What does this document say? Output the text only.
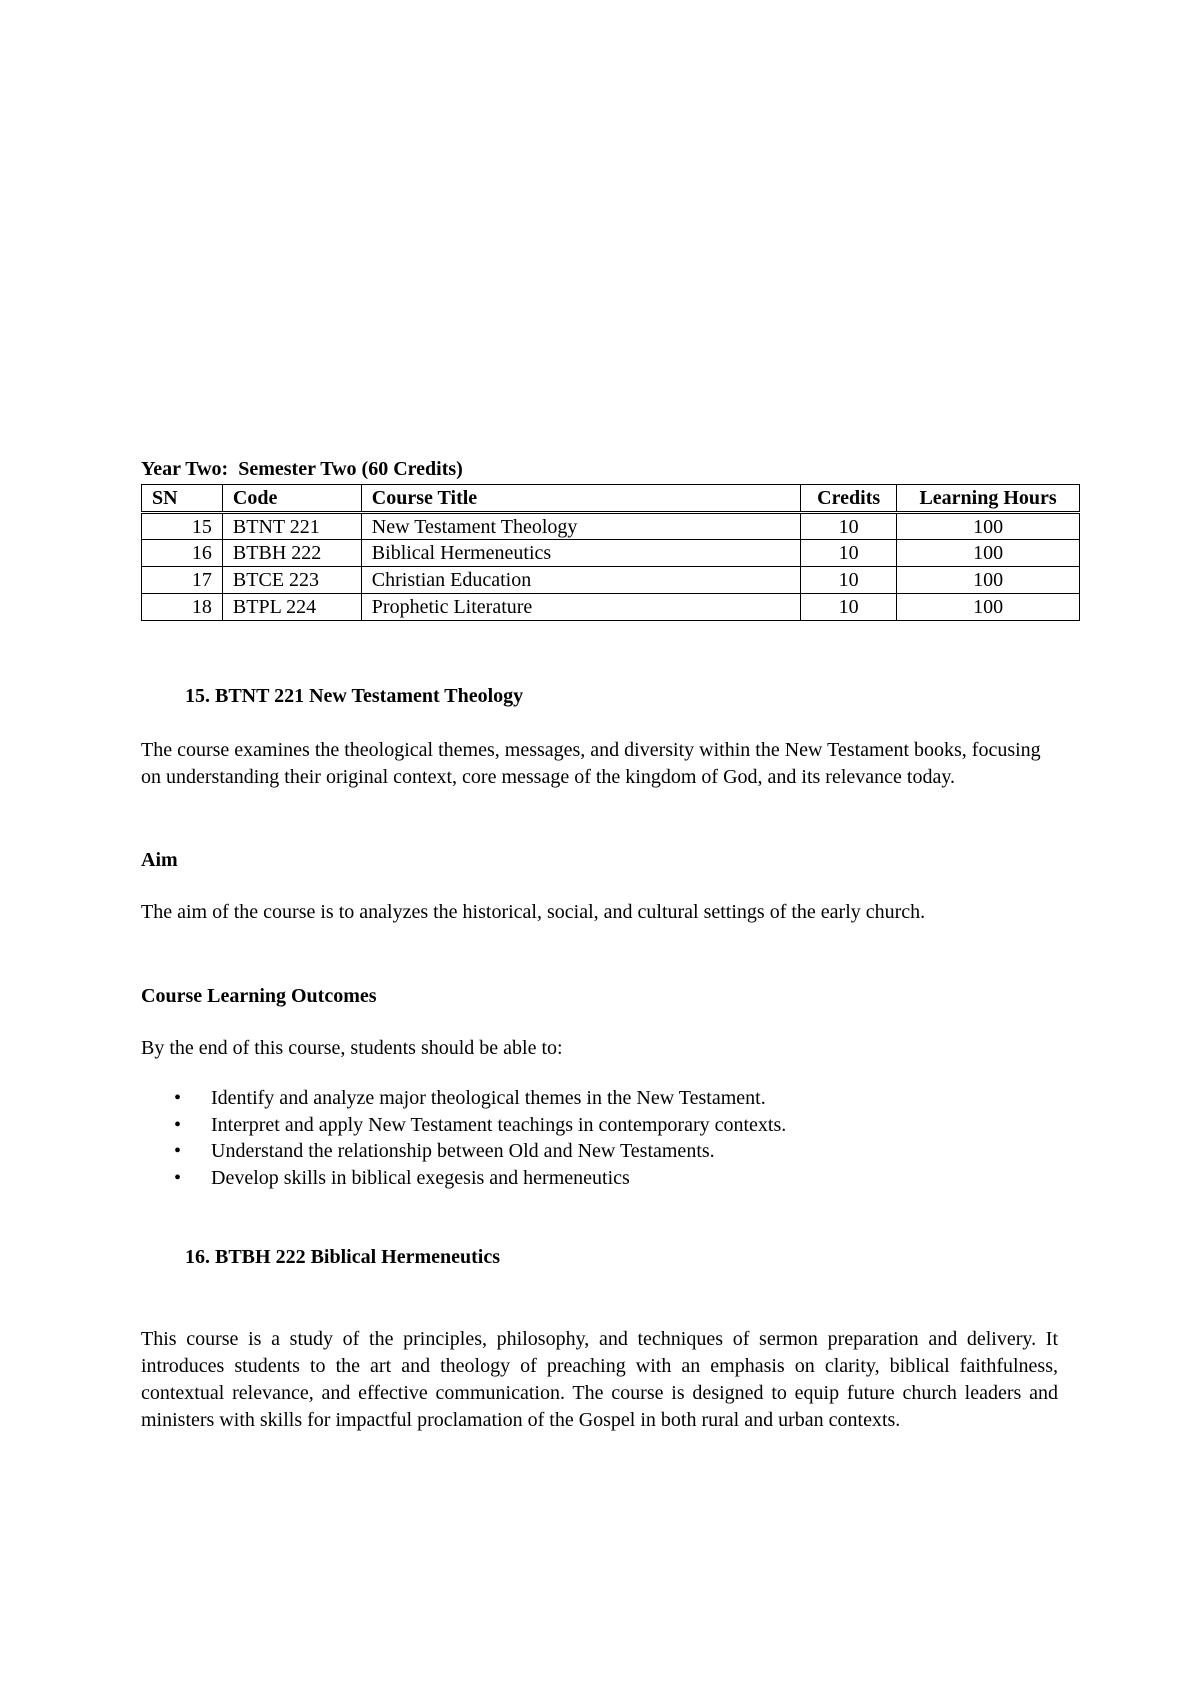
Year Two:  Semester Two (60 Credits)
SN	Code	Course Title	Credits	Learning Hours
15	BTNT 221	New Testament Theology	10	100
16	BTBH 222	Biblical Hermeneutics	10	100
17	BTCE 223	Christian Education	10	100
18	BTPL 224	Prophetic Literature	10	100
15. BTNT 221 New Testament Theology

The course examines the theological themes, messages, and diversity within the New Testament books, focusing on understanding their original context, core message of the kingdom of God, and its relevance today.

Aim

The aim of the course is to analyzes the historical, social, and cultural settings of the early church.

Course Learning Outcomes

By the end of this course, students should be able to:

• Identify and analyze major theological themes in the New Testament.
• Interpret and apply New Testament teachings in contemporary contexts.
• Understand the relationship between Old and New Testaments.
• Develop skills in biblical exegesis and hermeneutics
16. BTBH 222 Biblical Hermeneutics

This course is a study of the principles, philosophy, and techniques of sermon preparation and delivery. It introduces students to the art and theology of preaching with an emphasis on clarity, biblical faithfulness, contextual relevance, and effective communication. The course is designed to equip future church leaders and ministers with skills for impactful proclamation of the Gospel in both rural and urban contexts.
